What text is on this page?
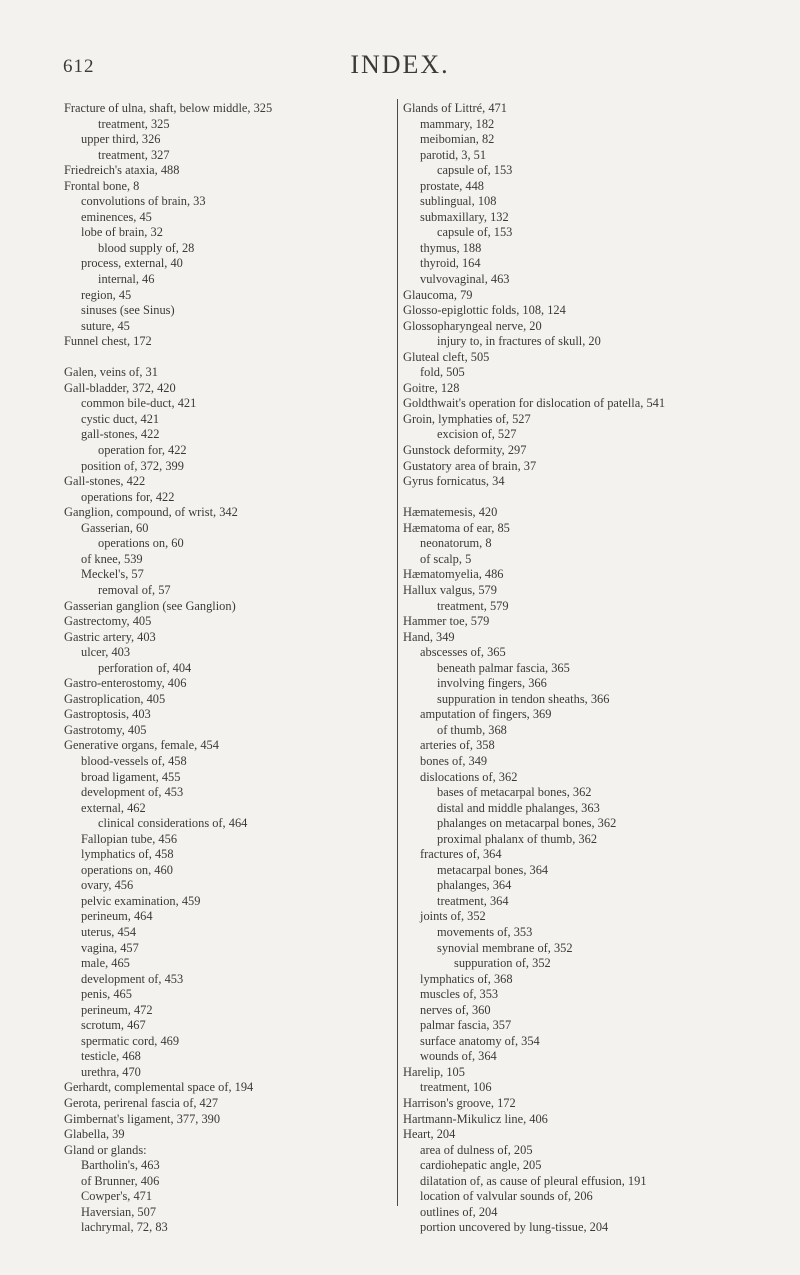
612	INDEX.
Fracture of ulna, shaft, below middle, 325
treatment, 325
upper third, 326
treatment, 327
Friedreich's ataxia, 488
Frontal bone, 8
convolutions of brain, 33
eminences, 45
lobe of brain, 32
blood supply of, 28
process, external, 40
internal, 46
region, 45
sinuses (see Sinus)
suture, 45
Funnel chest, 172
Galen, veins of, 31
Gall-bladder, 372, 420
common bile-duct, 421
cystic duct, 421
gall-stones, 422
operation for, 422
position of, 372, 399
Gall-stones, 422
operations for, 422
Ganglion, compound, of wrist, 342
Gasserian, 60
operations on, 60
of knee, 539
Meckel's, 57
removal of, 57
Gasserian ganglion (see Ganglion)
Gastrectomy, 405
Gastric artery, 403
ulcer, 403
perforation of, 404
Gastro-enterostomy, 406
Gastroplication, 405
Gastroptosis, 403
Gastrotomy, 405
Generative organs, female, 454
blood-vessels of, 458
broad ligament, 455
development of, 453
external, 462
clinical considerations of, 464
Fallopian tube, 456
lymphatics of, 458
operations on, 460
ovary, 456
pelvic examination, 459
perineum, 464
uterus, 454
vagina, 457
male, 465
development of, 453
penis, 465
perineum, 472
scrotum, 467
spermatic cord, 469
testicle, 468
urethra, 470
Gerhardt, complemental space of, 194
Gerota, perirenal fascia of, 427
Gimbernat's ligament, 377, 390
Glabella, 39
Gland or glands:
Bartholin's, 463
of Brunner, 406
Cowper's, 471
Haversian, 507
lachrymal, 72, 83
Glands of Littré, 471
mammary, 182
meibomian, 82
parotid, 3, 51
capsule of, 153
prostate, 448
sublingual, 108
submaxillary, 132
capsule of, 153
thymus, 188
thyroid, 164
vulvovaginal, 463
Glaucoma, 79
Glosso-epiglottic folds, 108, 124
Glossopharyngeal nerve, 20
injury to, in fractures of skull, 20
Gluteal cleft, 505
fold, 505
Goitre, 128
Goldthwait's operation for dislocation of patella, 541
Groin, lymphaties of, 527
excision of, 527
Gunstock deformity, 297
Gustatory area of brain, 37
Gyrus fornicatus, 34
Hæmatemesis, 420
Hæmatoma of ear, 85
neonatorum, 8
of scalp, 5
Hæmatomyelia, 486
Hallux valgus, 579
treatment, 579
Hammer toe, 579
Hand, 349
abscesses of, 365
beneath palmar fascia, 365
involving fingers, 366
suppuration in tendon sheaths, 366
amputation of fingers, 369
of thumb, 368
arteries of, 358
bones of, 349
dislocations of, 362
bases of metacarpal bones, 362
distal and middle phalanges, 363
phalanges on metacarpal bones, 362
proximal phalanx of thumb, 362
fractures of, 364
metacarpal bones, 364
phalanges, 364
treatment, 364
joints of, 352
movements of, 353
synovial membrane of, 352
suppuration of, 352
lymphatics of, 368
muscles of, 353
nerves of, 360
palmar fascia, 357
surface anatomy of, 354
wounds of, 364
Harelip, 105
treatment, 106
Harrison's groove, 172
Hartmann-Mikulicz line, 406
Heart, 204
area of dulness of, 205
cardiohepatic angle, 205
dilatation of, as cause of pleural effusion, 191
location of valvular sounds of, 206
outlines of, 204
portion uncovered by lung-tissue, 204
